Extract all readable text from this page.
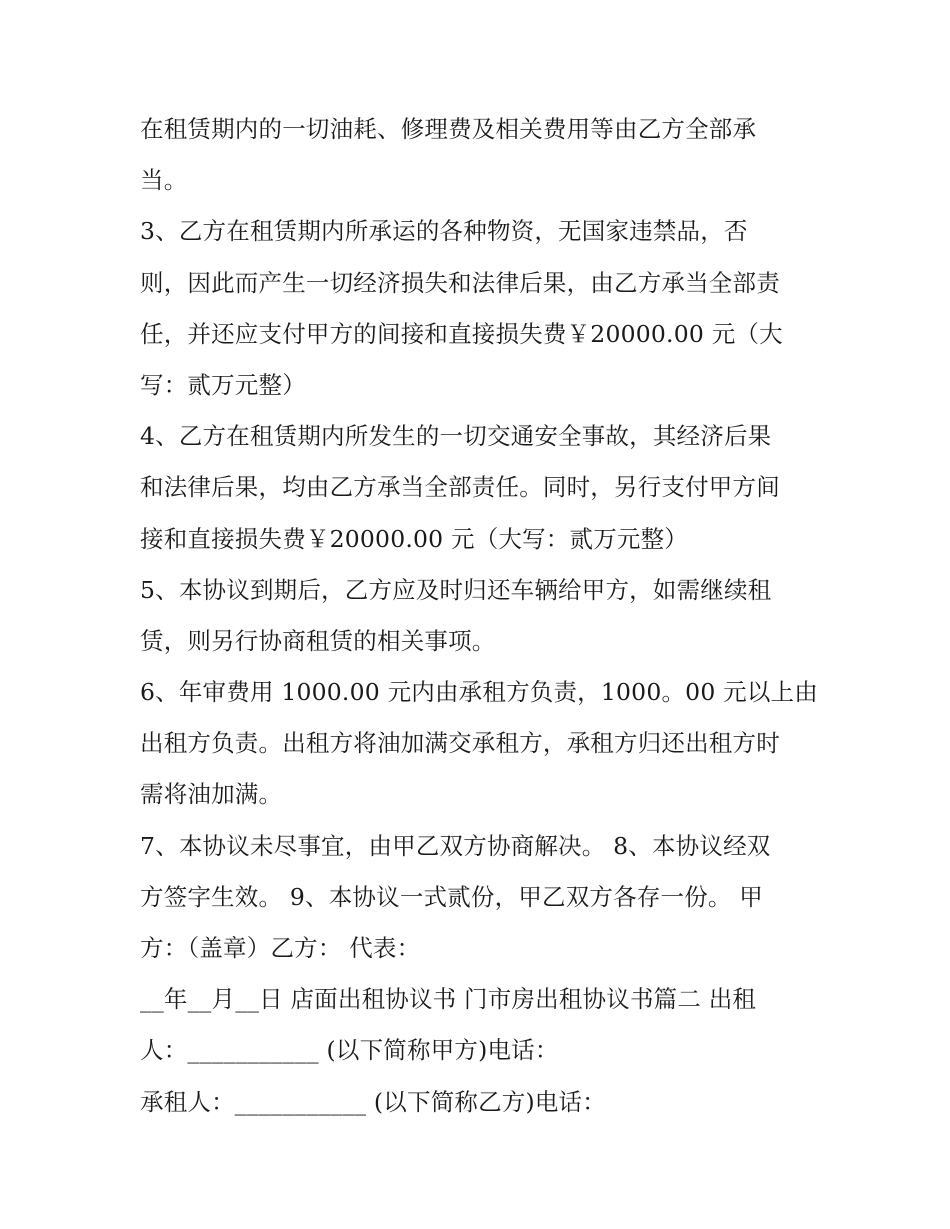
在租赁期内的一切油耗、修理费及相关费用等由乙方全部承
当。
3、乙方在租赁期内所承运的各种物资，无国家违禁品，否
则，因此而产生一切经济损失和法律后果，由乙方承当全部责
任，并还应支付甲方的间接和直接损失费￥20000.00 元（大
写：贰万元整）
4、乙方在租赁期内所发生的一切交通安全事故，其经济后果
和法律后果，均由乙方承当全部责任。同时，另行支付甲方间
接和直接损失费￥20000.00 元（大写：贰万元整）
5、本协议到期后，乙方应及时归还车辆给甲方，如需继续租
赁，则另行协商租赁的相关事项。
6、年审费用 1000.00 元内由承租方负责，1000。00 元以上由
出租方负责。出租方将油加满交承租方，承租方归还出租方时
需将油加满。
7、本协议未尽事宜，由甲乙双方协商解决。 8、本协议经双
方签字生效。 9、本协议一式贰份，甲乙双方各存一份。 甲
方：（盖章）乙方： 代表：
__年__月__日 店面出租协议书 门市房出租协议书篇二 出租
人：___________ (以下简称甲方)电话：
承租人：___________ (以下简称乙方)电话：
